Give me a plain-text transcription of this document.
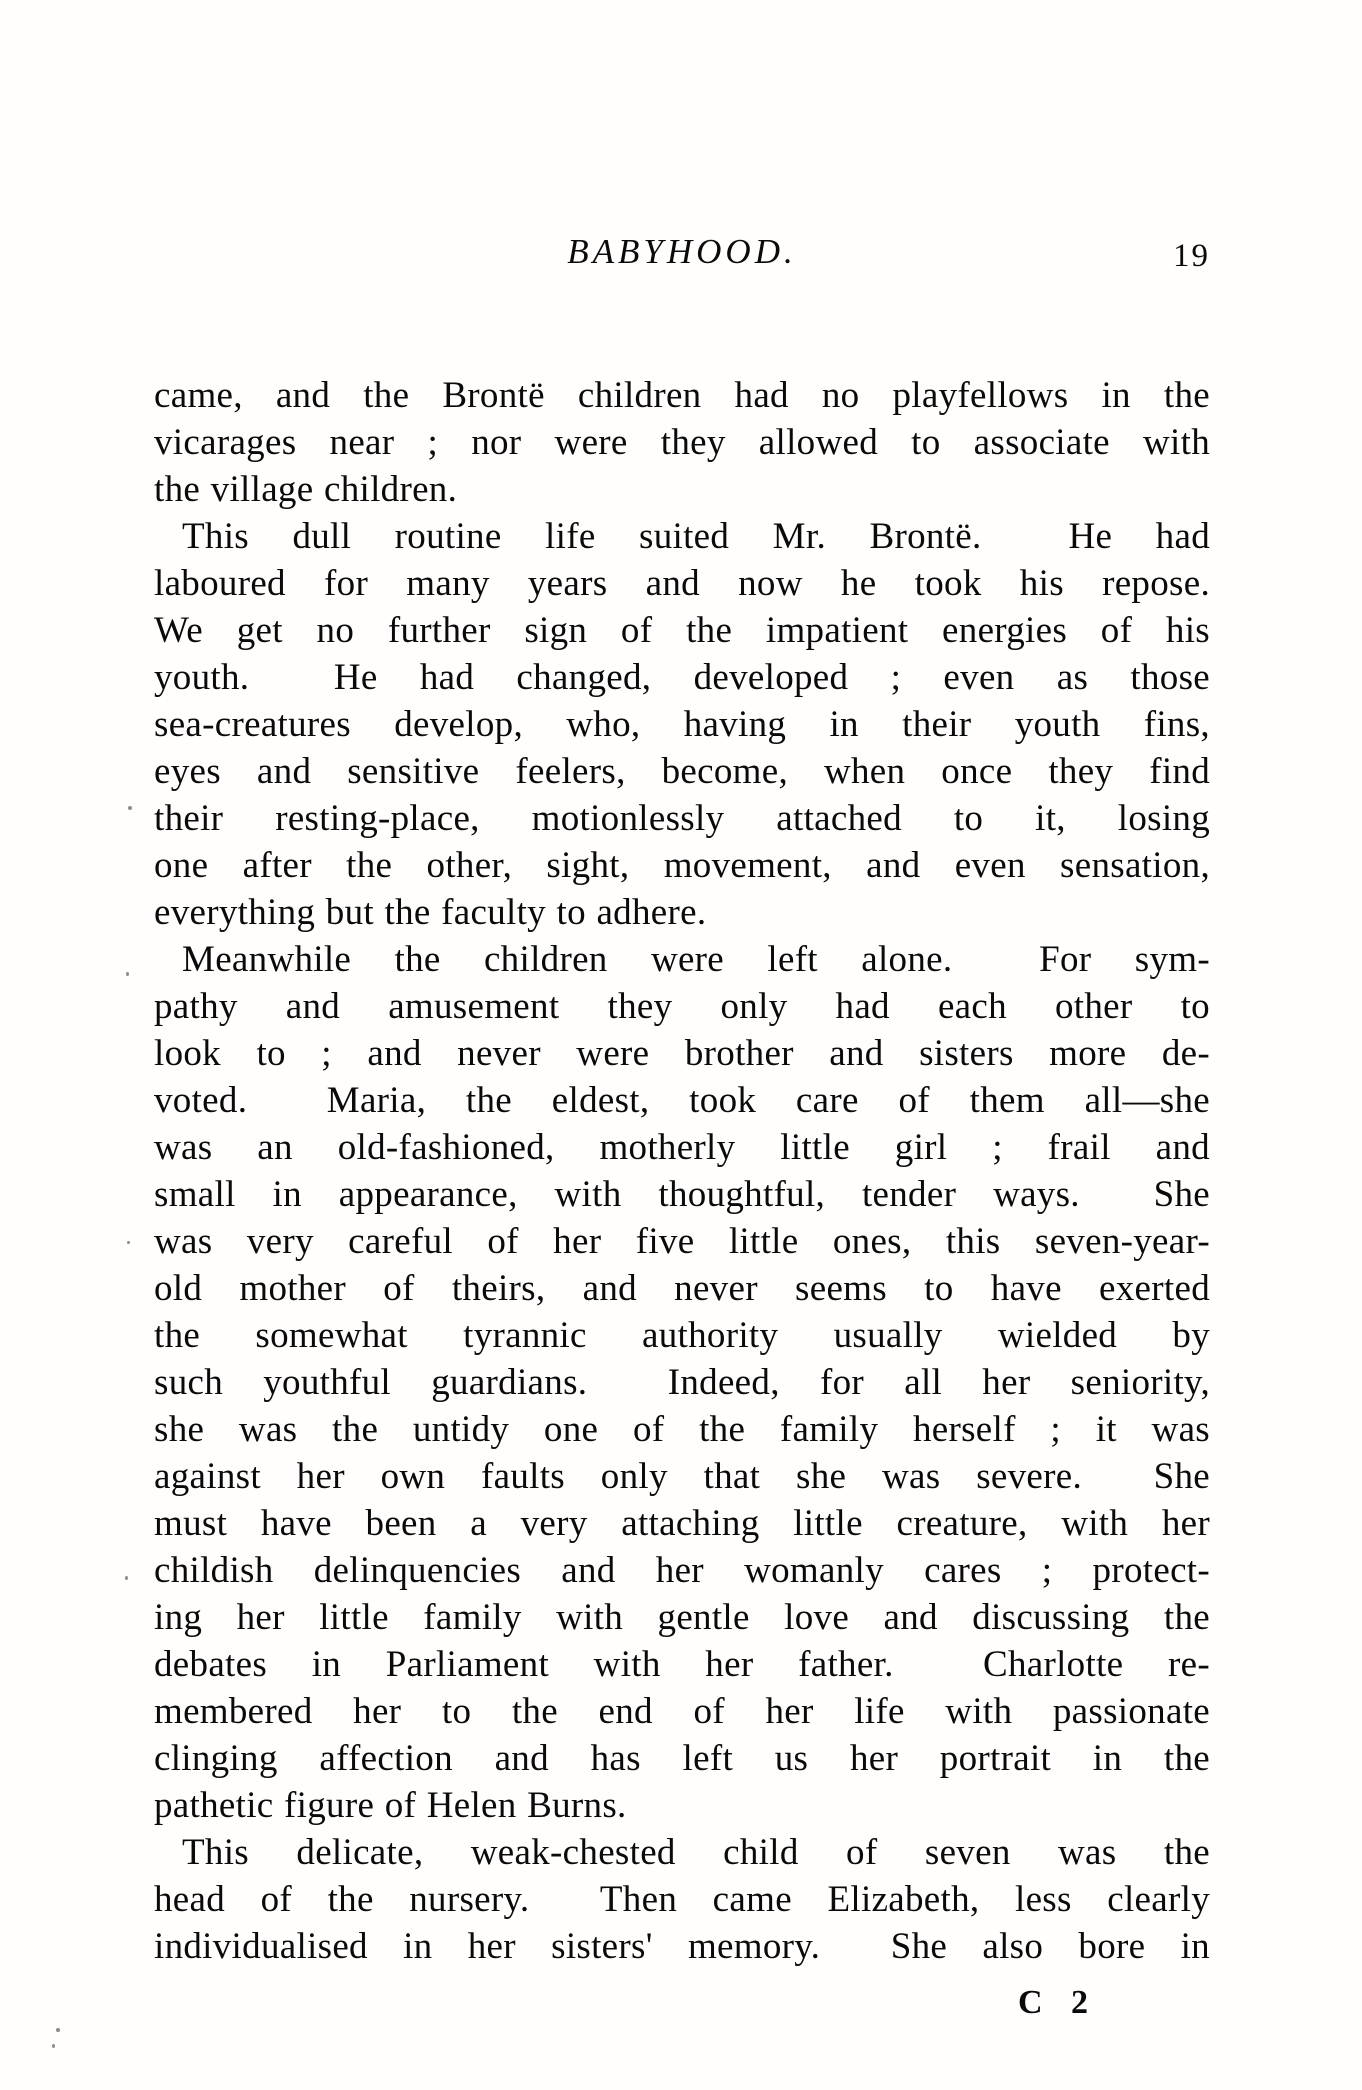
BABYHOOD.	19
came, and the Brontë children had no playfellows in the
vicarages near ; nor were they allowed to associate with
the village children.
This dull routine life suited Mr. Brontë.  He had
laboured for many years and now he took his repose.
We get no further sign of the impatient energies of his
youth.  He had changed, developed ; even as those
sea-creatures develop, who, having in their youth fins,
eyes and sensitive feelers, become, when once they find
their resting-place, motionlessly attached to it, losing
one after the other, sight, movement, and even sensation,
everything but the faculty to adhere.
Meanwhile the children were left alone.  For sym-
pathy and amusement they only had each other to
look to ; and never were brother and sisters more de-
voted.  Maria, the eldest, took care of them all—she
was an old-fashioned, motherly little girl ; frail and
small in appearance, with thoughtful, tender ways.  She
was very careful of her five little ones, this seven-year-
old mother of theirs, and never seems to have exerted
the somewhat tyrannic authority usually wielded by
such youthful guardians.  Indeed, for all her seniority,
she was the untidy one of the family herself ; it was
against her own faults only that she was severe.  She
must have been a very attaching little creature, with her
childish delinquencies and her womanly cares ; protect-
ing her little family with gentle love and discussing the
debates in Parliament with her father.  Charlotte re-
membered her to the end of her life with passionate
clinging affection and has left us her portrait in the
pathetic figure of Helen Burns.
This delicate, weak-chested child of seven was the
head of the nursery.  Then came Elizabeth, less clearly
individualised in her sisters' memory.  She also bore in
C 2
